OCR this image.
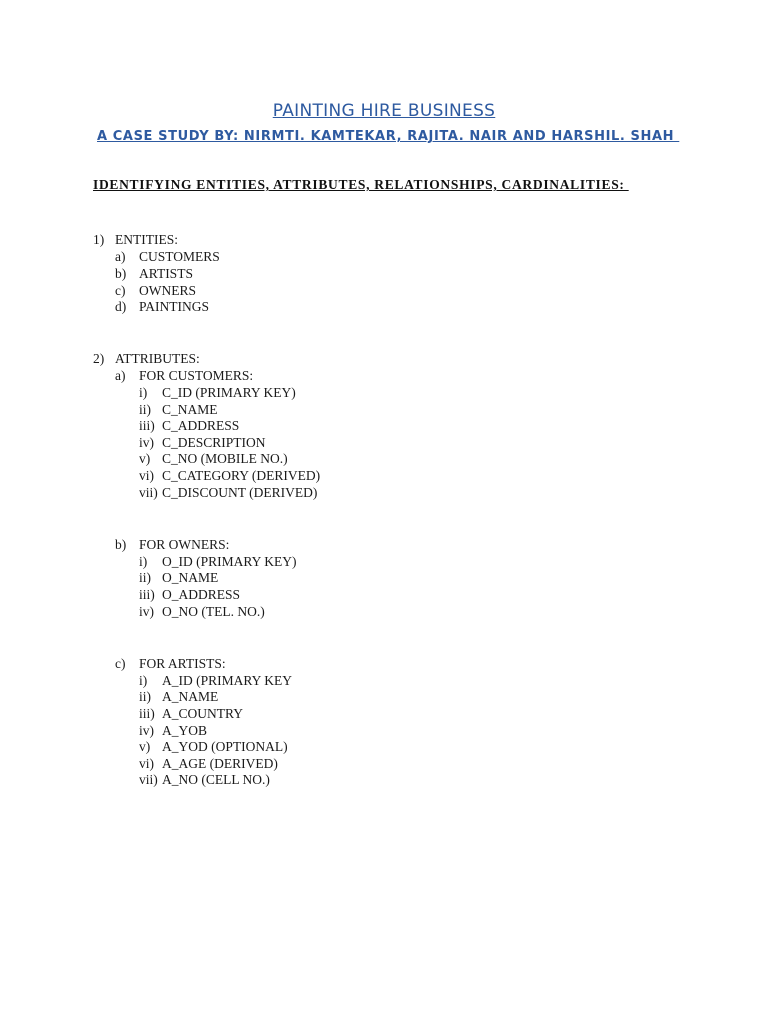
PAINTING HIRE BUSINESS
A CASE STUDY BY: NIRMTI. KAMTEKAR, RAJITA. NAIR AND HARSHIL. SHAH
IDENTIFYING ENTITIES, ATTRIBUTES, RELATIONSHIPS, CARDINALITIES:
1) ENTITIES:
a) CUSTOMERS
b) ARTISTS
c) OWNERS
d) PAINTINGS
2) ATTRIBUTES:
a) FOR CUSTOMERS:
i) C_ID (PRIMARY KEY)
ii) C_NAME
iii) C_ADDRESS
iv) C_DESCRIPTION
v) C_NO (MOBILE NO.)
vi) C_CATEGORY (DERIVED)
vii) C_DISCOUNT (DERIVED)
b) FOR OWNERS:
i) O_ID (PRIMARY KEY)
ii) O_NAME
iii) O_ADDRESS
iv) O_NO (TEL. NO.)
c) FOR ARTISTS:
i) A_ID (PRIMARY KEY
ii) A_NAME
iii) A_COUNTRY
iv) A_YOB
v) A_YOD (OPTIONAL)
vi) A_AGE (DERIVED)
vii) A_NO (CELL NO.)
